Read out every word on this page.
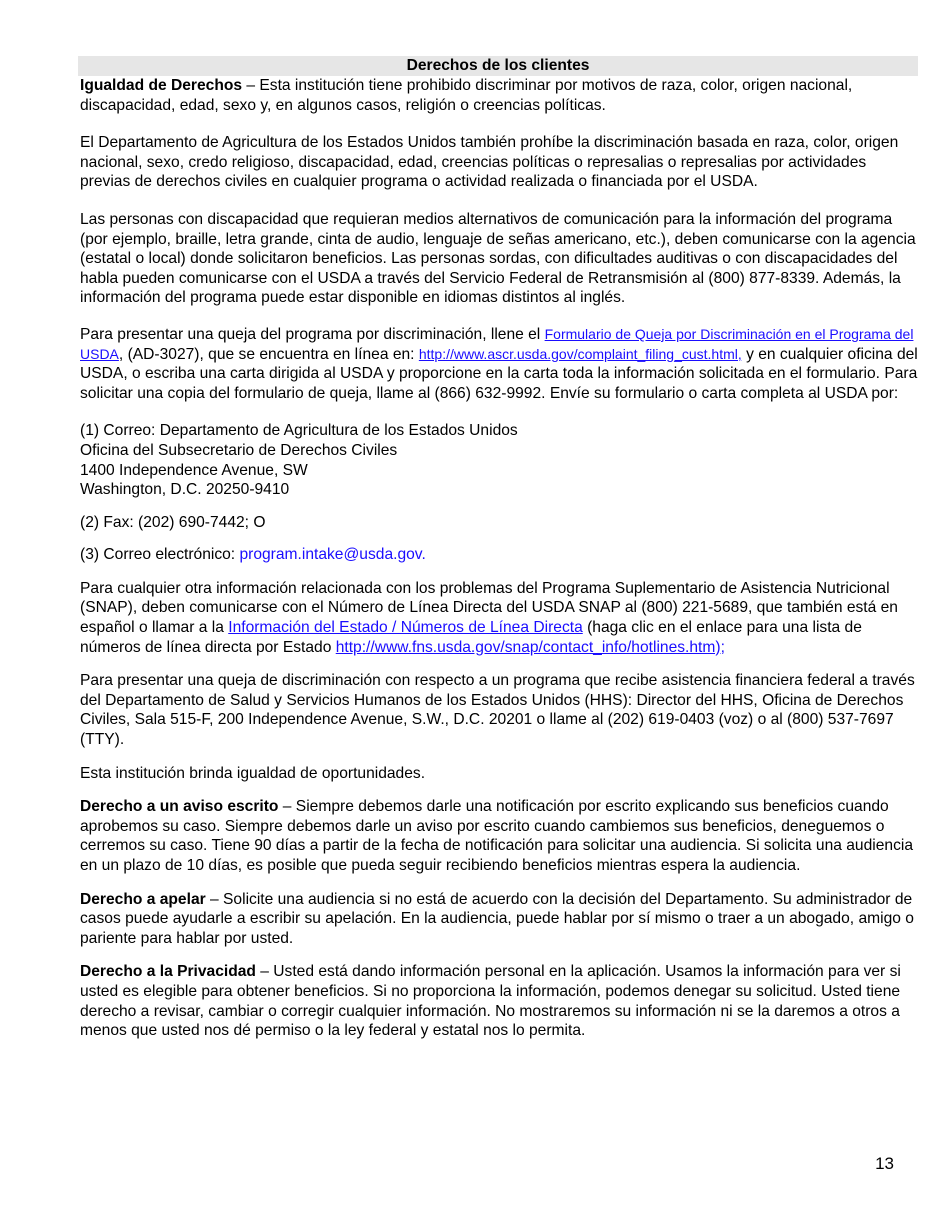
Derechos de los clientes

Igualdad de Derechos – Esta institución tiene prohibido discriminar por motivos de raza, color, origen nacional, discapacidad, edad, sexo y, en algunos casos, religión o creencias políticas.

El Departamento de Agricultura de los Estados Unidos también prohíbe la discriminación basada en raza, color, origen nacional, sexo, credo religioso, discapacidad, edad, creencias políticas o represalias o represalias por actividades previas de derechos civiles en cualquier programa o actividad realizada o financiada por el USDA.

Las personas con discapacidad que requieran medios alternativos de comunicación para la información del programa (por ejemplo, braille, letra grande, cinta de audio, lenguaje de señas americano, etc.), deben comunicarse con la agencia (estatal o local) donde solicitaron beneficios. Las personas sordas, con dificultades auditivas o con discapacidades del habla pueden comunicarse con el USDA a través del Servicio Federal de Retransmisión al (800) 877-8339. Además, la información del programa puede estar disponible en idiomas distintos al inglés.

Para presentar una queja del programa por discriminación, llene el Formulario de Queja por Discriminación en el Programa del USDA, (AD-3027), que se encuentra en línea en: http://www.ascr.usda.gov/complaint_filing_cust.html, y en cualquier oficina del USDA, o escriba una carta dirigida al USDA y proporcione en la carta toda la información solicitada en el formulario. Para solicitar una copia del formulario de queja, llame al (866) 632-9992. Envíe su formulario o carta completa al USDA por:

(1) Correo: Departamento de Agricultura de los Estados Unidos
Oficina del Subsecretario de Derechos Civiles
1400 Independence Avenue, SW
Washington, D.C. 20250-9410

(2) Fax: (202) 690-7442; O

(3) Correo electrónico: program.intake@usda.gov.

Para cualquier otra información relacionada con los problemas del Programa Suplementario de Asistencia Nutricional (SNAP), deben comunicarse con el Número de Línea Directa del USDA SNAP al (800) 221-5689, que también está en español o llamar a la Información del Estado / Números de Línea Directa (haga clic en el enlace para una lista de números de línea directa por Estado http://www.fns.usda.gov/snap/contact_info/hotlines.htm);

Para presentar una queja de discriminación con respecto a un programa que recibe asistencia financiera federal a través del Departamento de Salud y Servicios Humanos de los Estados Unidos (HHS): Director del HHS, Oficina de Derechos Civiles, Sala 515-F, 200 Independence Avenue, S.W., D.C. 20201 o llame al (202) 619-0403 (voz) o al (800) 537-7697 (TTY).

Esta institución brinda igualdad de oportunidades.

Derecho a un aviso escrito – Siempre debemos darle una notificación por escrito explicando sus beneficios cuando aprobemos su caso. Siempre debemos darle un aviso por escrito cuando cambiemos sus beneficios, deneguemos o cerremos su caso. Tiene 90 días a partir de la fecha de notificación para solicitar una audiencia. Si solicita una audiencia en un plazo de 10 días, es posible que pueda seguir recibiendo beneficios mientras espera la audiencia.

Derecho a apelar – Solicite una audiencia si no está de acuerdo con la decisión del Departamento. Su administrador de casos puede ayudarle a escribir su apelación. En la audiencia, puede hablar por sí mismo o traer a un abogado, amigo o pariente para hablar por usted.

Derecho a la Privacidad – Usted está dando información personal en la aplicación. Usamos la información para ver si usted es elegible para obtener beneficios. Si no proporciona la información, podemos denegar su solicitud. Usted tiene derecho a revisar, cambiar o corregir cualquier información. No mostraremos su información ni se la daremos a otros a menos que usted nos dé permiso o la ley federal y estatal nos lo permita.

13
